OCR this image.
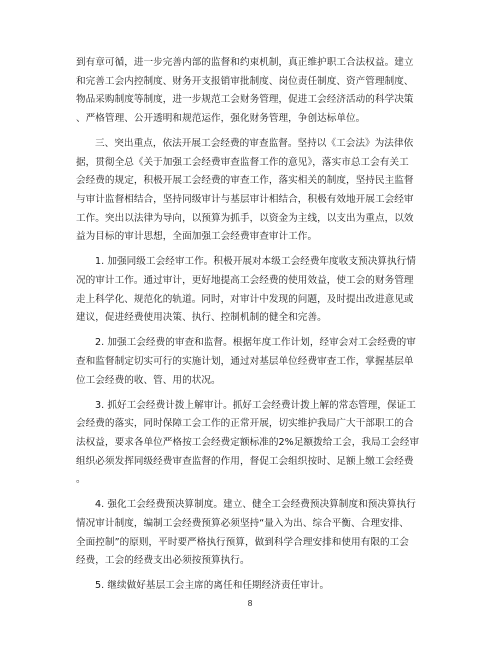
到有章可循，进一步完善内部的监督和约束机制，真正维护职工合法权益。建立
和完善工会内控制度、财务开支报销审批制度、岗位责任制度、资产管理制度、
物品采购制度等制度，进一步规范工会财务管理，促进工会经济活动的科学决策
、严格管理、公开透明和规范运作，强化财务管理，争创达标单位。
三、突出重点，依法开展工会经费的审查监督。坚持以《工会法》为法律依
据，贯彻全总《关于加强工会经费审查监督工作的意见》，落实市总工会有关工
会经费的规定，积极开展工会经费的审查工作，落实相关的制度，坚持民主监督
与审计监督相结合，坚持同级审计与基层审计相结合，积极有效地开展工会经审
工作。突出以法律为导向，以预算为抓手，以资金为主线，以支出为重点，以效
益为目标的审计思想，全面加强工会经费审查审计工作。
1. 加强同级工会经审工作。积极开展对本级工会经费年度收支预决算执行情
况的审计工作。通过审计，更好地提高工会经费的使用效益，使工会的财务管理
走上科学化、规范化的轨道。同时，对审计中发现的问题，及时提出改进意见或
建议，促进经费使用决策、执行、控制机制的健全和完善。
2. 加强工会经费的审查和监督。根据年度工作计划，经审会对工会经费的审
查和监督制定切实可行的实施计划，通过对基层单位经费审查工作，掌握基层单
位工会经费的收、管、用的状况。
3. 抓好工会经费计拨上解审计。抓好工会经费计拨上解的常态管理，保证工
会经费的落实，同时保障工会工作的正常开展，切实维护我局广大干部职工的合
法权益，要求各单位严格按工会经费定额标准的2%足额拨给工会，我局工会经审
组织必须发挥同级经费审查监督的作用，督促工会组织按时、足额上缴工会经费
。
4. 强化工会经费预决算制度。建立、健全工会经费预决算制度和预决算执行
情况审计制度，编制工会经费预算必须坚持“量入为出、综合平衡、合理安排、
全面控制”的原则，平时要严格执行预算，做到科学合理安排和使用有限的工会
经费，工会的经费支出必须按预算执行。
5. 继续做好基层工会主席的离任和任期经济责任审计。
8
